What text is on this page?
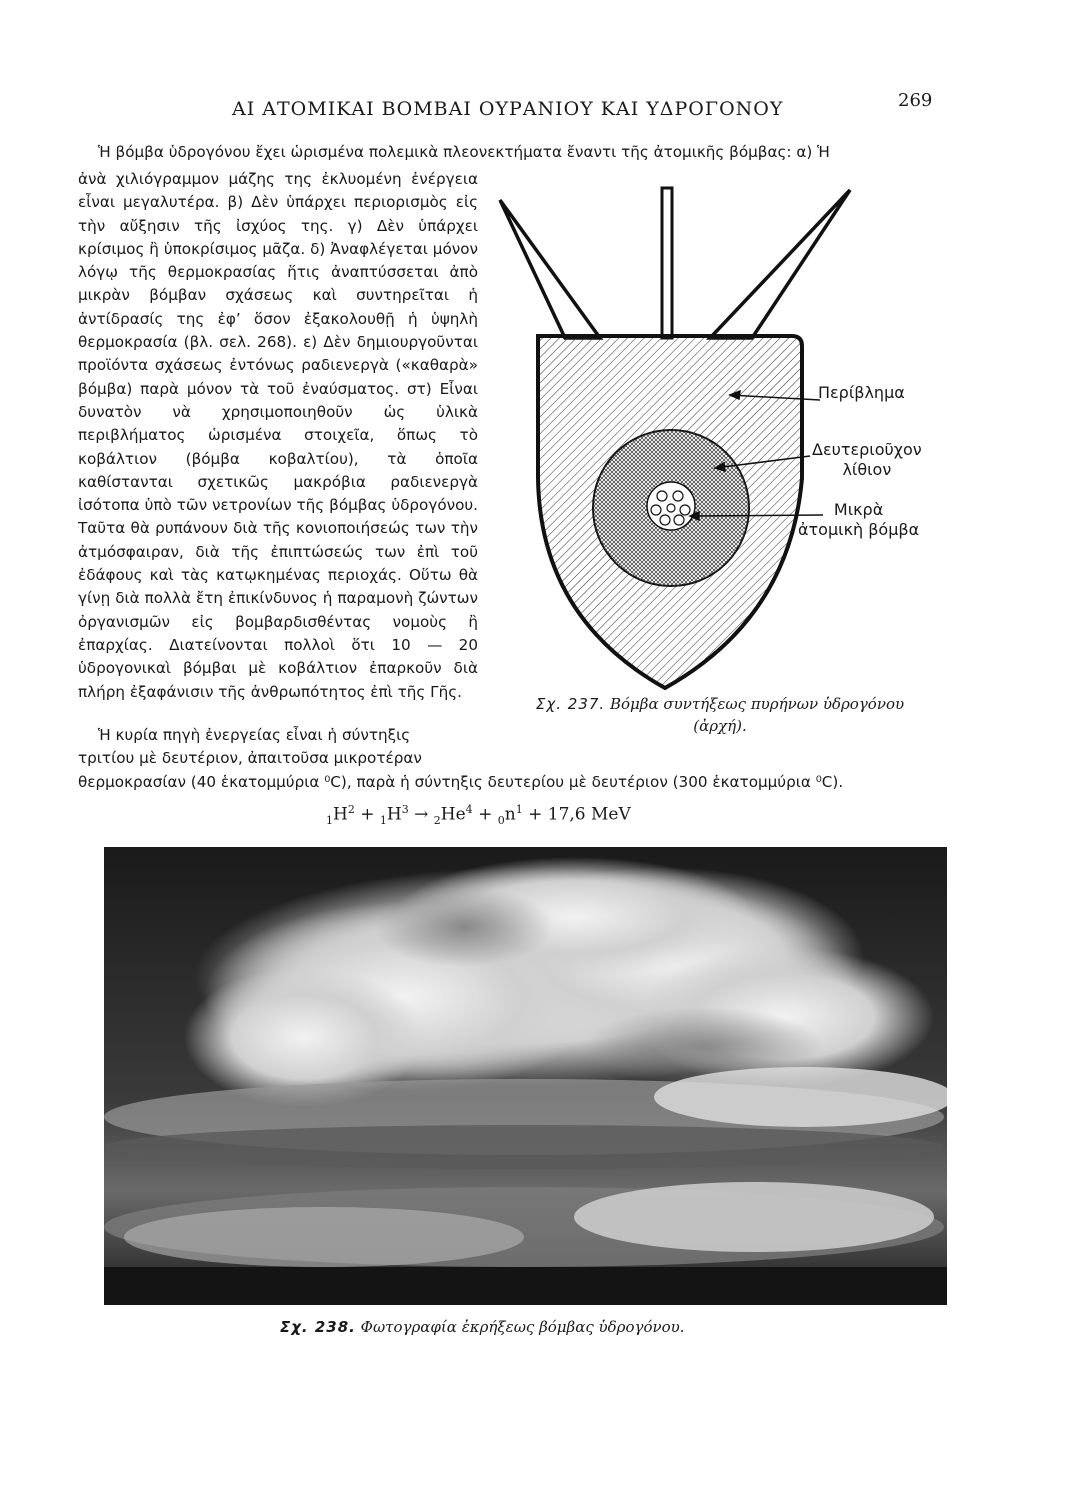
ΑΙ ΑΤΟΜΙΚΑΙ ΒΟΜΒΑΙ ΟΥΡΑΝΙΟΥ ΚΑΙ ΥΔΡΟΓΟΝΟΥ	269
Ἡ βόμβα ὑδρογόνου ἔχει ὡρισμένα πολεμικὰ πλεονεκτήματα ἔναντι τῆς ἀτομικῆς βόμβας: α) Ἡ

ἀνὰ χιλιόγραμμον μάζης της ἐκλυομένη ἐνέργεια εἶναι μεγαλυτέρα. β) Δὲν ὑπάρχει περιορισμὸς εἰς τὴν αὔξησιν τῆς ἰσχύος της. γ) Δὲν ὑπάρχει κρίσιμος ἢ ὑποκρίσιμος μᾶζα. δ) Ἀναφλέγεται μόνον λόγῳ τῆς θερμοκρασίας ἥτις ἀναπτύσσεται ἀπὸ μικρὰν βόμβαν σχάσεως καὶ συντηρεῖται ἡ ἀντίδρασίς της ἐφ’ ὅσον ἐξακολουθῇ ἡ ὑψηλὴ θερμοκρασία (βλ. σελ. 268). ε) Δὲν δημιουργοῦνται προϊόντα σχάσεως ἐντόνως ραδιενεργὰ («καθαρὰ» βόμβα) παρὰ μόνον τὰ τοῦ ἐναύσματος. στ) Εἶναι δυνατὸν νὰ χρησιμοποιηθοῦν ὡς ὑλικὰ περιβλήματος ὡρισμένα στοιχεῖα, ὅπως τὸ κοβάλτιον (βόμβα κοβαλτίου), τὰ ὁποῖα καθίστανται σχετικῶς μακρόβια ραδιενεργὰ ἰσότοπα ὑπὸ τῶν νετρονίων τῆς βόμβας ὑδρογόνου. Ταῦτα θὰ ρυπάνουν διὰ τῆς κονιοποιήσεώς των τὴν ἀτμόσφαιραν, διὰ τῆς ἐπιπτώσεώς των ἐπὶ τοῦ ἐδάφους καὶ τὰς κατῳκημένας περιοχάς. Οὕτω θὰ γίνῃ διὰ πολλὰ ἔτη ἐπικίνδυνος ἡ παραμονὴ ζώντων ὀργανισμῶν εἰς βομβαρδισθέντας νομοὺς ἢ ἐπαρχίας. Διατείνονται πολλοὶ ὅτι 10 — 20 ὑδρογονικαὶ βόμβαι μὲ κοβάλτιον ἐπαρκοῦν διὰ πλήρη ἐξαφάνισιν τῆς ἀνθρωπότητος ἐπὶ τῆς Γῆς.

Περίβλημα
Δευτεριοῦχον
λίθιον
Μικρὰ
ἀτομικὴ βόμβα
Σχ. 237. Βόμβα συντήξεως πυρήνων ὑδρογόνου
(ἀρχή).

Ἡ κυρία πηγὴ ἐνεργείας εἶναι ἡ σύντηξις

τριτίου μὲ δευτέριον, ἀπαιτοῦσα μικροτέραν

θερμοκρασίαν (40 ἑκατομμύρια ⁰C), παρὰ ἡ σύντηξις δευτερίου μὲ δευτέριον (300 ἑκατομμύρια ⁰C).

$_1H^2 + _1H^3 \to _2He^4 + _0n^1 + 17,6$ MeV
Σχ. 238. Φωτογραφία ἐκρήξεως βόμβας ὑδρογόνου.
